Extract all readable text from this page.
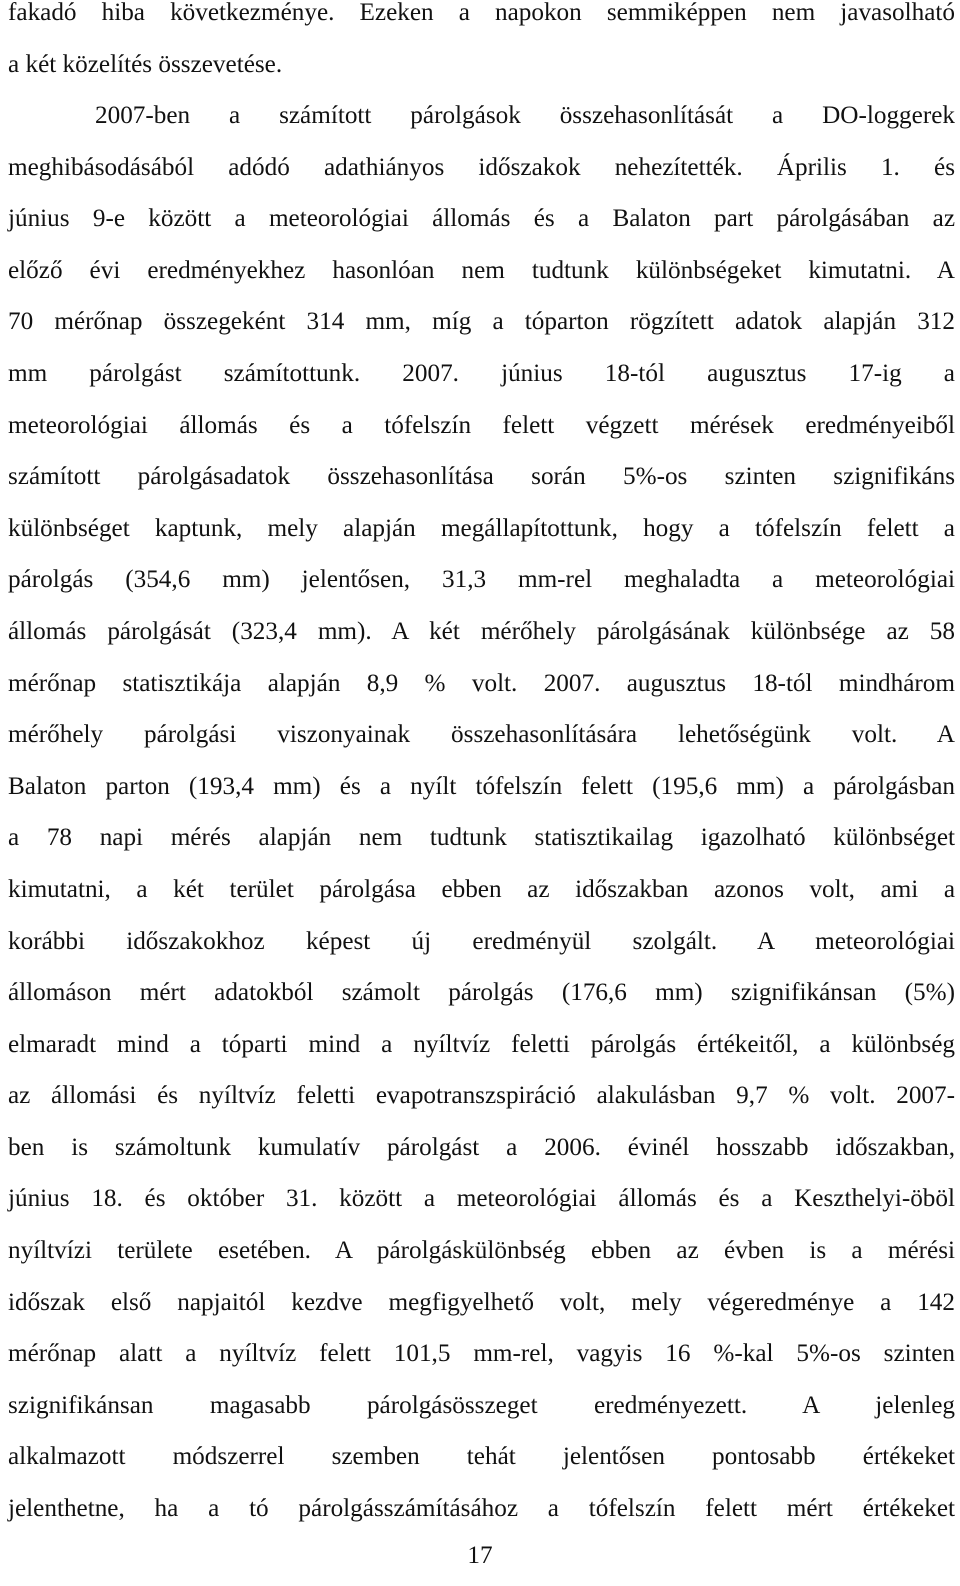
fakadó hiba következménye. Ezeken a napokon semmiképpen nem javasolható
a két közelítés összevetése.
2007-ben a számított párolgások összehasonlítását a DO-loggerek
meghibásodásából adódó adathiányos időszakok nehezítették. Április 1. és
június 9-e között a meteorológiai állomás és a Balaton part párolgásában az
előző évi eredményekhez hasonlóan nem tudtunk különbségeket kimutatni. A
70 mérőnap összegeként 314 mm, míg a tóparton rögzített adatok alapján 312
mm párolgást számítottunk. 2007. június 18-tól augusztus 17-ig a
meteorológiai állomás és a tófelszín felett végzett mérések eredményeiből
számított párolgásadatok összehasonlítása során 5%-os szinten szignifikáns
különbséget kaptunk, mely alapján megállapítottunk, hogy a tófelszín felett a
párolgás (354,6 mm) jelentősen, 31,3 mm-rel meghaladta a meteorológiai
állomás párolgását (323,4 mm). A két mérőhely párolgásának különbsége az 58
mérőnap statisztikája alapján 8,9 % volt. 2007. augusztus 18-tól mindhárom
mérőhely párolgási viszonyainak összehasonlítására lehetőségünk volt. A
Balaton parton (193,4 mm) és a nyílt tófelszín felett (195,6 mm) a párolgásban
a 78 napi mérés alapján nem tudtunk statisztikailag igazolható különbséget
kimutatni, a két terület párolgása ebben az időszakban azonos volt, ami a
korábbi időszakokhoz képest új eredményül szolgált. A meteorológiai
állomáson mért adatokból számolt párolgás (176,6 mm) szignifikánsan (5%)
elmaradt mind a tóparti mind a nyíltvíz feletti párolgás értékeitől, a különbség
az állomási és nyíltvíz feletti evapotranszspiráció alakulásban 9,7 % volt. 2007-
ben is számoltunk kumulatív párolgást a 2006. évinél hosszabb időszakban,
június 18. és október 31. között a meteorológiai állomás és a Keszthelyi-öböl
nyíltvízi területe esetében. A párolgáskülönbség ebben az évben is a mérési
időszak első napjaitól kezdve megfigyelhető volt, mely végeredménye a 142
mérőnap alatt a nyíltvíz felett 101,5 mm-rel, vagyis 16 %-kal 5%-os szinten
szignifikánsan magasabb párolgásösszeget eredményezett. A jelenleg
alkalmazott módszerrel szemben tehát jelentősen pontosabb értékeket
jelenthetne, ha a tó párolgásszámításához a tófelszín felett mért értékeket
17
